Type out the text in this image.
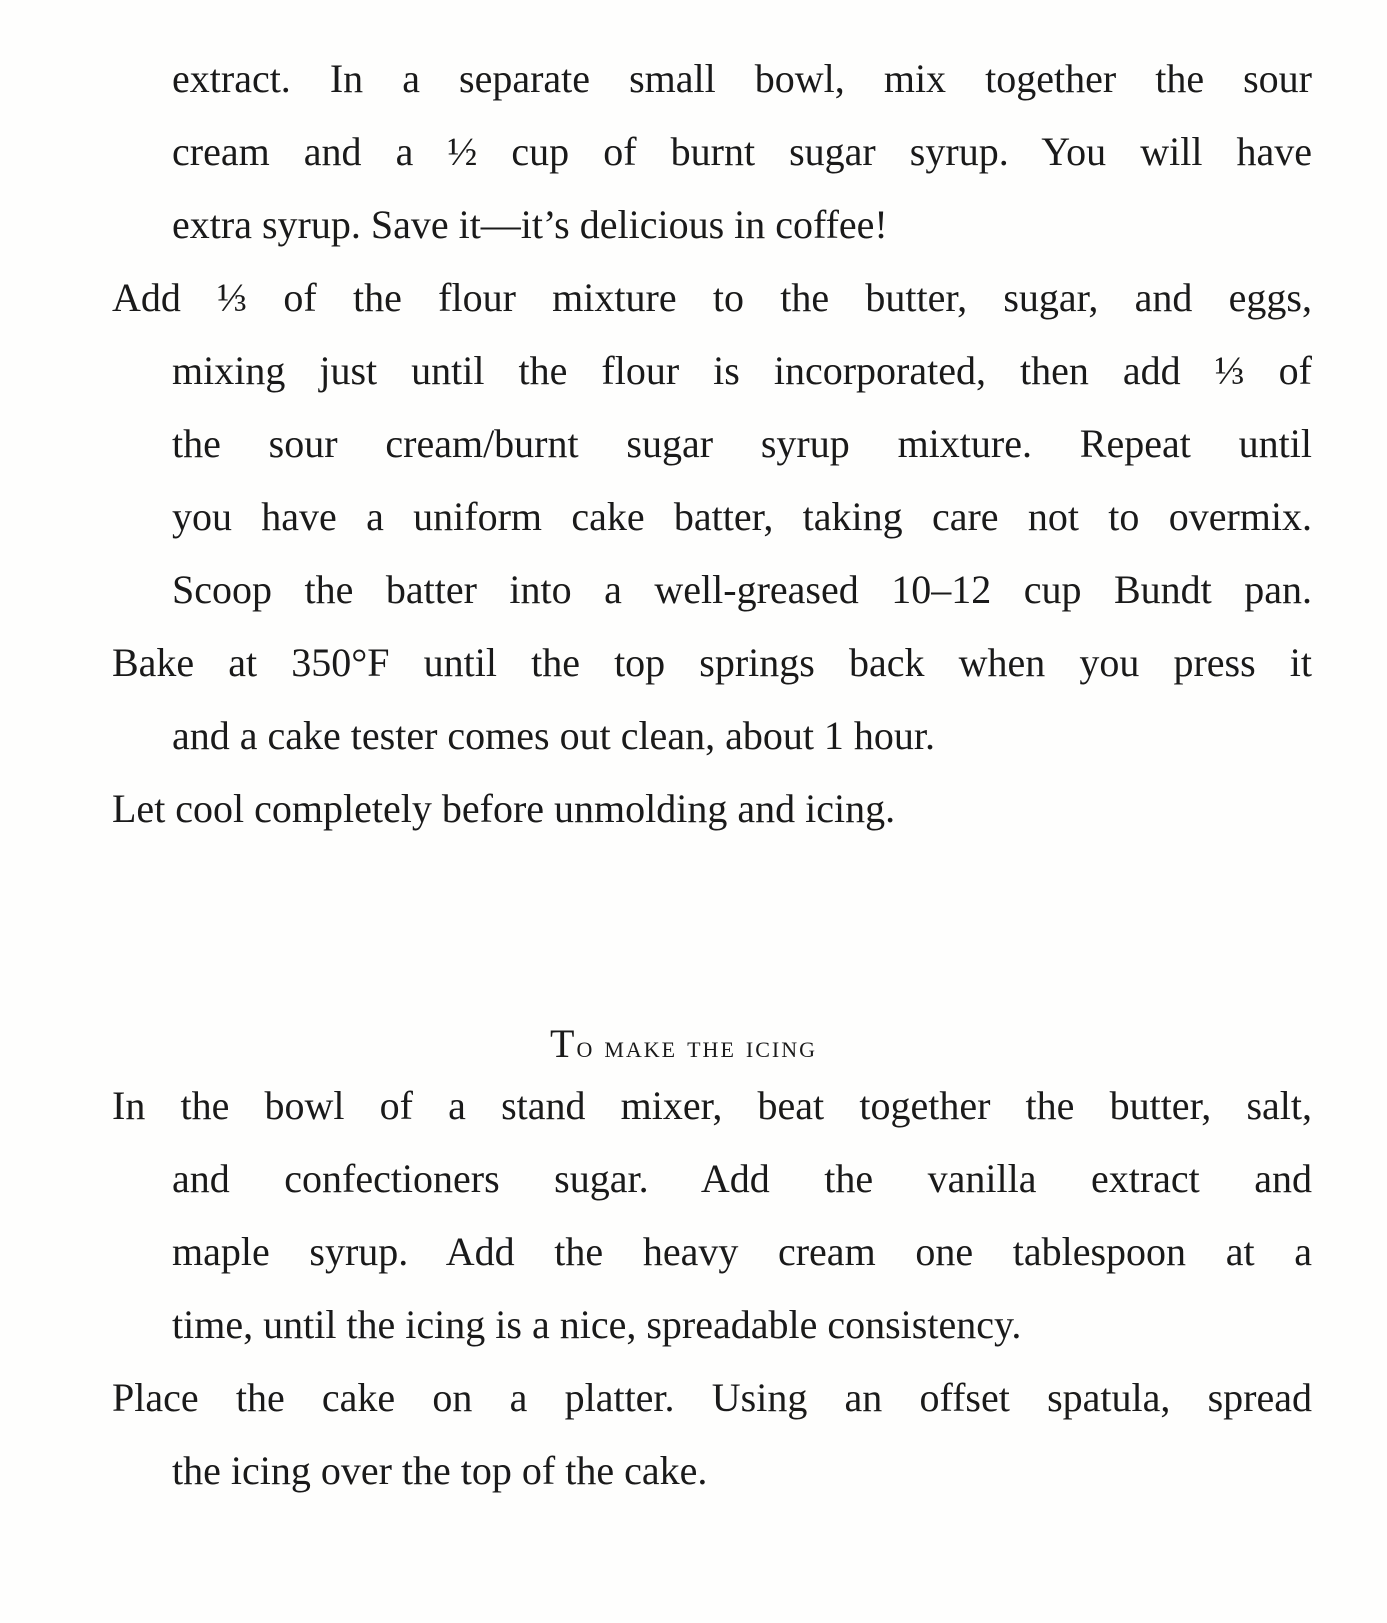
extract. In a separate small bowl, mix together the sour
cream and a ½ cup of burnt sugar syrup. You will have
extra syrup. Save it—it’s delicious in coffee!
Add ⅓ of the flour mixture to the butter, sugar, and eggs,
mixing just until the flour is incorporated, then add ⅓ of
the sour cream/burnt sugar syrup mixture. Repeat until
you have a uniform cake batter, taking care not to overmix.
Scoop the batter into a well-greased 10–12 cup Bundt pan.
Bake at 350°F until the top springs back when you press it
and a cake tester comes out clean, about 1 hour.
Let cool completely before unmolding and icing.
To make the icing
In the bowl of a stand mixer, beat together the butter, salt,
and confectioners sugar. Add the vanilla extract and
maple syrup. Add the heavy cream one tablespoon at a
time, until the icing is a nice, spreadable consistency.
Place the cake on a platter. Using an offset spatula, spread
the icing over the top of the cake.
